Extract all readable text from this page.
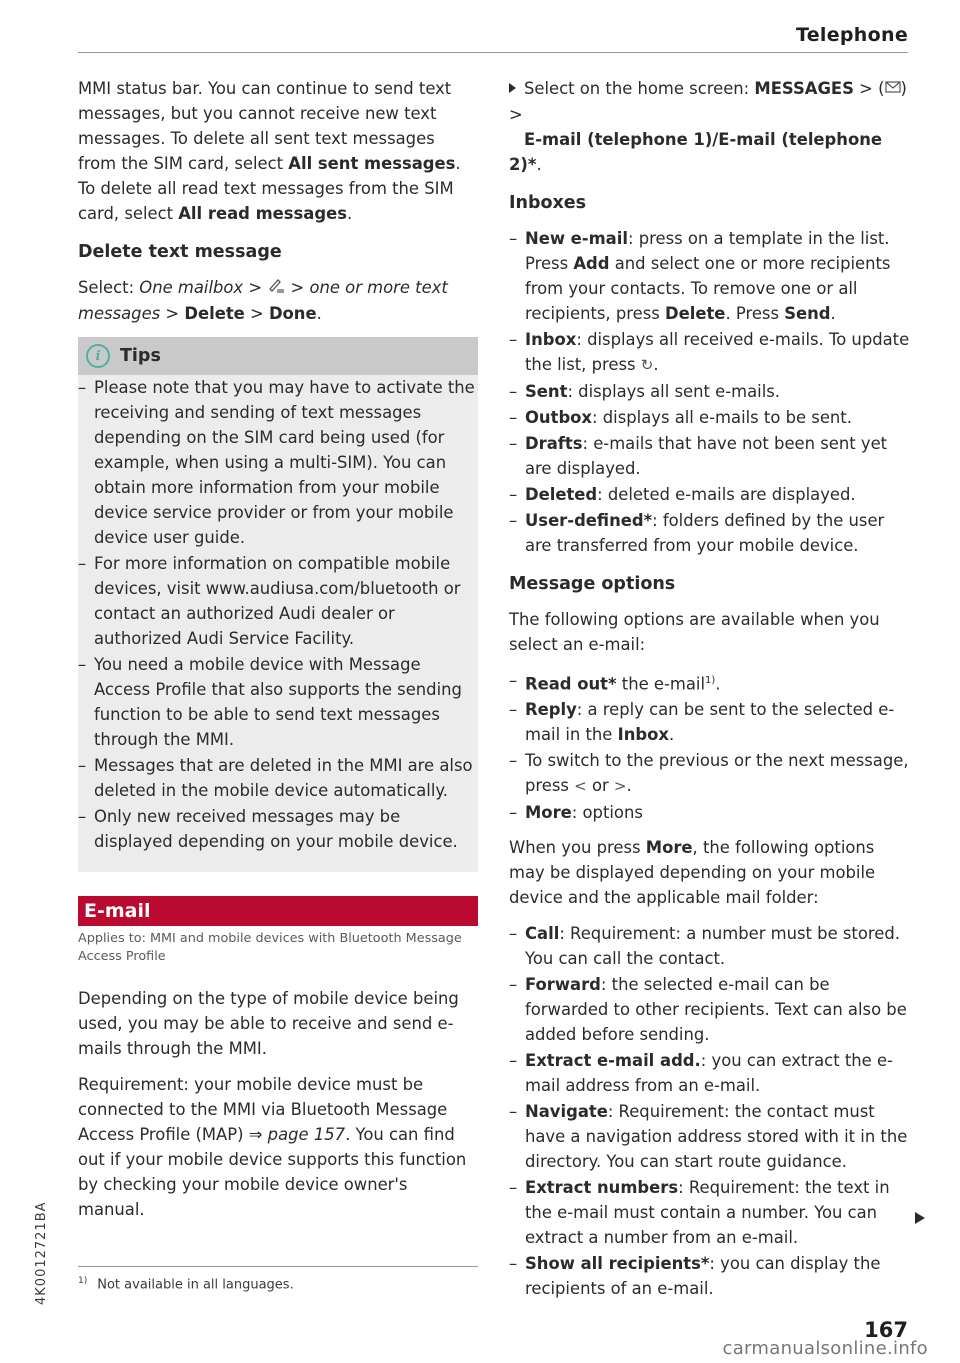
Telephone

MMI status bar. You can continue to send text messages, but you cannot receive new text messages. To delete all sent text messages from the SIM card, select All sent messages. To delete all read text messages from the SIM card, select All read messages.

Delete text message

Select: One mailbox >  > one or more text messages > Delete > Done.

i	Tips
– Please note that you may have to activate the receiving and sending of text messages depending on the SIM card being used (for example, when using a multi-SIM). You can obtain more information from your mobile device service provider or from your mobile device user guide.
– For more information on compatible mobile devices, visit www.audiusa.com/bluetooth or contact an authorized Audi dealer or authorized Audi Service Facility.
– You need a mobile device with Message Access Profile that also supports the sending function to be able to send text messages through the MMI.
– Messages that are deleted in the MMI are also deleted in the mobile device automatically.
– Only new received messages may be displayed depending on your mobile device.
E-mail

Applies to: MMI and mobile devices with Bluetooth Message Access Profile

Depending on the type of mobile device being used, you may be able to receive and send e-mails through the MMI.

Requirement: your mobile device must be connected to the MMI via Bluetooth Message Access Profile (MAP) ⇒ page 157. You can find out if your mobile device supports this function by checking your mobile device owner's manual.

$^{1)}$ Not available in all languages.

Select on the home screen: MESSAGES > ( ) >
E-mail (telephone 1)/E-mail (telephone 2)*.

Inboxes
– New e-mail: press on a template in the list. Press Add and select one or more recipients from your contacts. To remove one or all recipients, press Delete. Press Send.
– Inbox: displays all received e-mails. To update the list, press ↻.
– Sent: displays all sent e-mails.
– Outbox: displays all e-mails to be sent.
– Drafts: e-mails that have not been sent yet are displayed.
– Deleted: deleted e-mails are displayed.
– User-defined*: folders defined by the user are transferred from your mobile device.
Message options

The following options are available when you select an e-mail:

– Read out* the e-mail$^{1)}$.
– Reply: a reply can be sent to the selected e-mail in the Inbox.
– To switch to the previous or the next message, press < or >.
– More: options

When you press More, the following options may be displayed depending on your mobile device and the applicable mail folder:

– Call: Requirement: a number must be stored. You can call the contact.
– Forward: the selected e-mail can be forwarded to other recipients. Text can also be added before sending.
– Extract e-mail add.: you can extract the e-mail address from an e-mail.
– Navigate: Requirement: the contact must have a navigation address stored with it in the directory. You can start route guidance.
– Extract numbers: Requirement: the text in the e-mail must contain a number. You can extract a number from an e-mail.
– Show all recipients*: you can display the recipients of an e-mail.
4K0012721BA
167
carmanualsonline.info
